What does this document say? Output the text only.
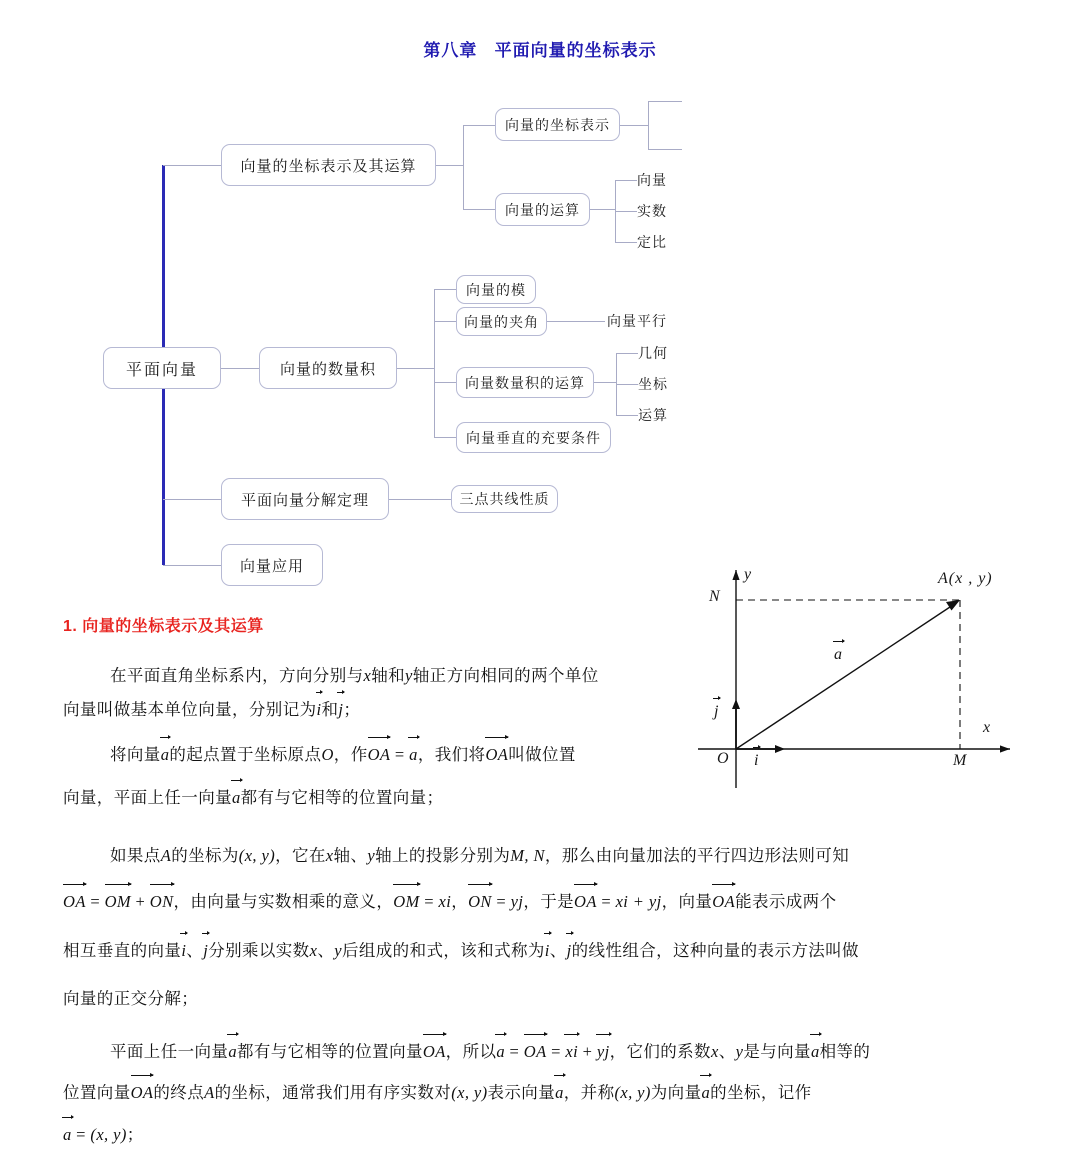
第八章   平面向量的坐标表示
平面向量
向量的坐标表示及其运算
向量的坐标表示
向量的运算
向量
实数
定比
向量的数量积
向量的模
向量的夹角	向量平行
向量数量积的运算
几何
坐标
运算
向量垂直的充要条件
平面向量分解定理	三点共线性质
向量应用
1. 向量的坐标表示及其运算
y
x
O
N
M
A(x , y)
a
i
j
在平面直角坐标系内，方向分别与x轴和y轴正方向相同的两个单位
向量叫做基本单位向量，分别记为
i和
j；
将向量
a的起点置于坐标原点O，作
OA =
a，我们将
OA叫做位置
向量，平面上任一向量
a都有与它相等的位置向量；
如果点A的坐标为(x, y)，它在x轴、y轴上的投影分别为M, N，那么由向量加法的平行四边形法则可知
OA =
OM +
ON，由向量与实数相乘的意义，
OM = xi，
ON = yj，于是
OA = xi + yj，向量
OA能表示成两个
相互垂直的向量
i、
j分别乘以实数x、y后组成的和式，该和式称为
i、
j的线性组合，这种向量的表示方法叫做
向量的正交分解；
平面上任一向量
a都有与它相等的位置向量
OA，所以
a =
OA =
xi +
yj，它们的系数x、y是与向量
a相等的
位置向量
OA的终点A的坐标，通常我们用有序实数对(x, y)表示向量
a，并称(x, y)为向量
a的坐标，记作
a = (x, y)；
